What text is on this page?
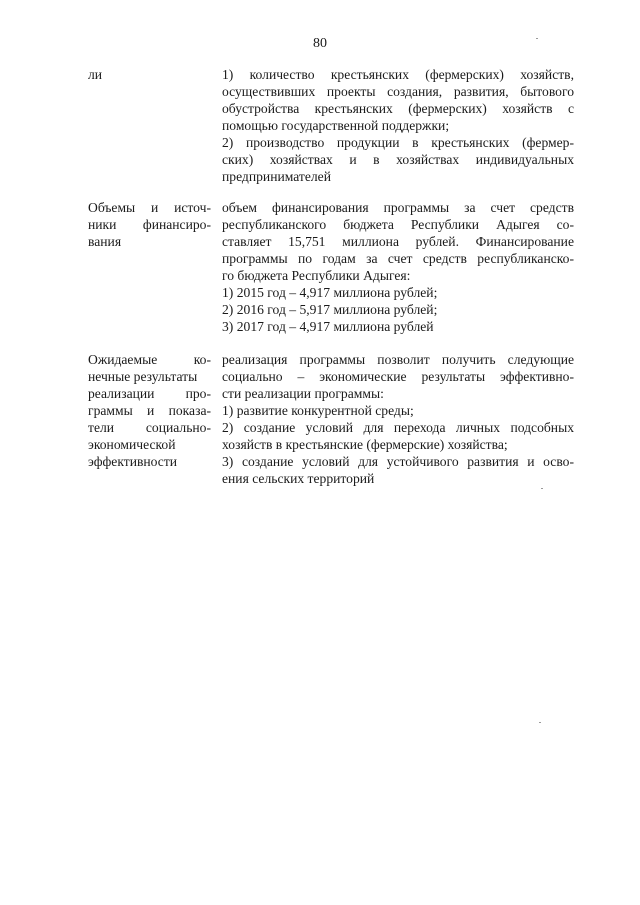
80
ли	1) количество крестьянских (фермерских) хозяйств,
осуществивших проекты создания, развития, бытового
обустройства крестьянских (фермерских) хозяйств с
помощью государственной поддержки;
2) производство продукции в крестьянских (фермер-
ских) хозяйствах и в хозяйствах индивидуальных
предпринимателей
Объемы и источ-
ники финансиро-
вания
объем финансирования программы за счет средств
республиканского бюджета Республики Адыгея со-
ставляет 15,751 миллиона рублей. Финансирование
программы по годам за счет средств республиканско-
го бюджета Республики Адыгея:
1) 2015 год – 4,917 миллиона рублей;
2) 2016 год – 5,917 миллиона рублей;
3) 2017 год – 4,917 миллиона рублей
Ожидаемые ко-
нечные результаты
реализации про-
граммы и показа-
тели социально-
экономической
эффективности
реализация программы позволит получить следующие
социально – экономические результаты эффективно-
сти реализации программы:
1) развитие конкурентной среды;
2) создание условий для перехода личных подсобных
хозяйств в крестьянские (фермерские) хозяйства;
3) создание условий для устойчивого развития и осво-
ения сельских территорий
